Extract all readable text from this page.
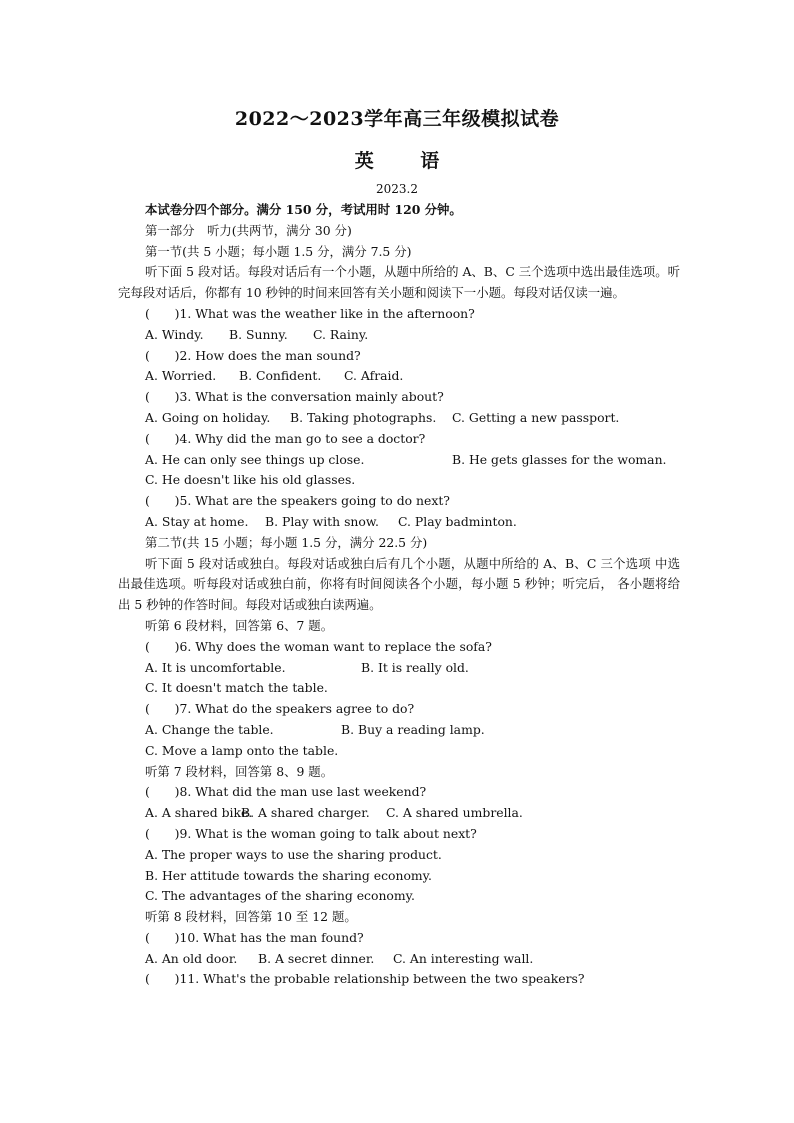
2022～2023学年高三年级模拟试卷
英 语
2023.2
本试卷分四个部分。满分 150 分，考试用时 120 分钟。
第一部分　听力(共两节，满分 30 分)
第一节(共 5 小题；每小题 1.5 分，满分 7.5 分)
听下面 5 段对话。每段对话后有一个小题，从题中所给的 A、B、C 三个选项中选出最佳选项。听完每段对话后，你都有 10 秒钟的时间来回答有关小题和阅读下一小题。每段对话仅读一遍。
(　　)1. What was the weather like in the afternoon?
A. Windy.	B. Sunny.	C. Rainy.
(　　)2. How does the man sound?
A. Worried.	B. Confident.	C. Afraid.
(　　)3. What is the conversation mainly about?
A. Going on holiday.	B. Taking photographs.	C. Getting a new passport.
(　　)4. Why did the man go to see a doctor?
A. He can only see things up close.	B. He gets glasses for the woman.
C. He doesn't like his old glasses.
(　　)5. What are the speakers going to do next?
A. Stay at home.	B. Play with snow.	C. Play badminton.
第二节(共 15 小题；每小题 1.5 分，满分 22.5 分)
听下面 5 段对话或独白。每段对话或独白后有几个小题，从题中所给的 A、B、C 三个选项 中选出最佳选项。听每段对话或独白前，你将有时间阅读各个小题，每小题 5 秒钟；听完后， 各小题将给出 5 秒钟的作答时间。每段对话或独白读两遍。
听第 6 段材料，回答第 6、7 题。
(　　)6. Why does the woman want to replace the sofa?
A. It is uncomfortable.	B. It is really old.
C. It doesn't match the table.
(　　)7. What do the speakers agree to do?
A. Change the table.	B. Buy a reading lamp.
C. Move a lamp onto the table.
听第 7 段材料，回答第 8、9 题。
(　　)8. What did the man use last weekend?
A. A shared bike.
B. A shared charger.	C. A shared umbrella.
(　　)9. What is the woman going to talk about next?
A. The proper ways to use the sharing product.
B. Her attitude towards the sharing economy.
C. The advantages of the sharing economy.
听第 8 段材料，回答第 10 至 12 题。
(　　)10. What has the man found?
A. An old door.	B. A secret dinner.	C. An interesting wall.
(　　)11. What's the probable relationship between the two speakers?
